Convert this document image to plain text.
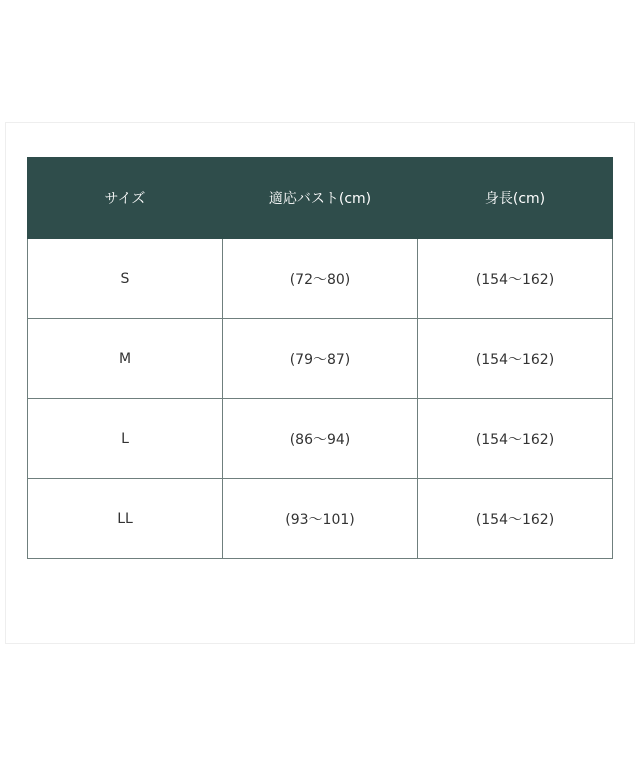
サイズ	適応バスト(cm)	身長(cm)
S	(72～80)	(154～162)
M	(79～87)	(154～162)
L	(86～94)	(154～162)
LL	(93～101)	(154～162)
